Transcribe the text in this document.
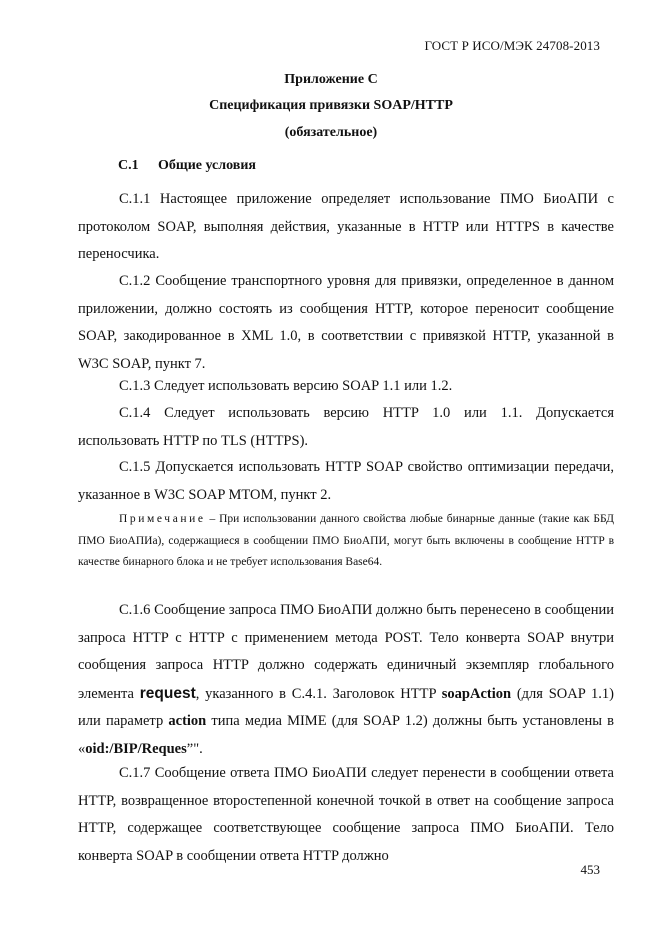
ГОСТ Р ИСО/МЭК 24708-2013
Приложение С
Спецификация привязки SOAP/HTTP
(обязательное)
C.1 Общие условия

С.1.1 Настоящее приложение определяет использование ПМО БиоАПИ с протоколом SOAP, выполняя действия, указанные в HTTP или HTTPS в качестве переносчика.

С.1.2 Сообщение транспортного уровня для привязки, определенное в данном приложении, должно состоять из сообщения HTTP, которое переносит сообщение SOAP, закодированное в XML 1.0, в соответствии с привязкой HTTP, указанной в W3C SOAP, пункт 7.

С.1.3 Следует использовать версию SOAP 1.1 или 1.2.

С.1.4 Следует использовать версию HTTP 1.0 или 1.1. Допускается использовать HTTP по TLS (HTTPS).

С.1.5 Допускается использовать HTTP SOAP свойство оптимизации передачи, указанное в W3C SOAP MTOM, пункт 2.

Примечание – При использовании данного свойства любые бинарные данные (такие как ББД ПМО БиоАПИа), содержащиеся в сообщении ПМО БиоАПИ, могут быть включены в сообщение HTTP в качестве бинарного блока и не требует использования Base64.

С.1.6 Сообщение запроса ПМО БиоАПИ должно быть перенесено в сообщении запроса HTTP с HTTP с применением метода POST. Тело конверта SOAP внутри сообщения запроса HTTP должно содержать единичный экземпляр глобального элемента request, указанного в С.4.1. Заголовок HTTP soapAction (для SOAP 1.1) или параметр action типа медиа MIME (для SOAP 1.2) должны быть установлены в «oid:/BIP/Reques”".

С.1.7 Сообщение ответа ПМО БиоАПИ следует перенести в сообщении ответа HTTP, возвращенное второстепенной конечной точкой в ответ на сообщение запроса HTTP, содержащее соответствующее сообщение запроса ПМО БиоАПИ. Тело конверта SOAP в сообщении ответа HTTP должно

453
